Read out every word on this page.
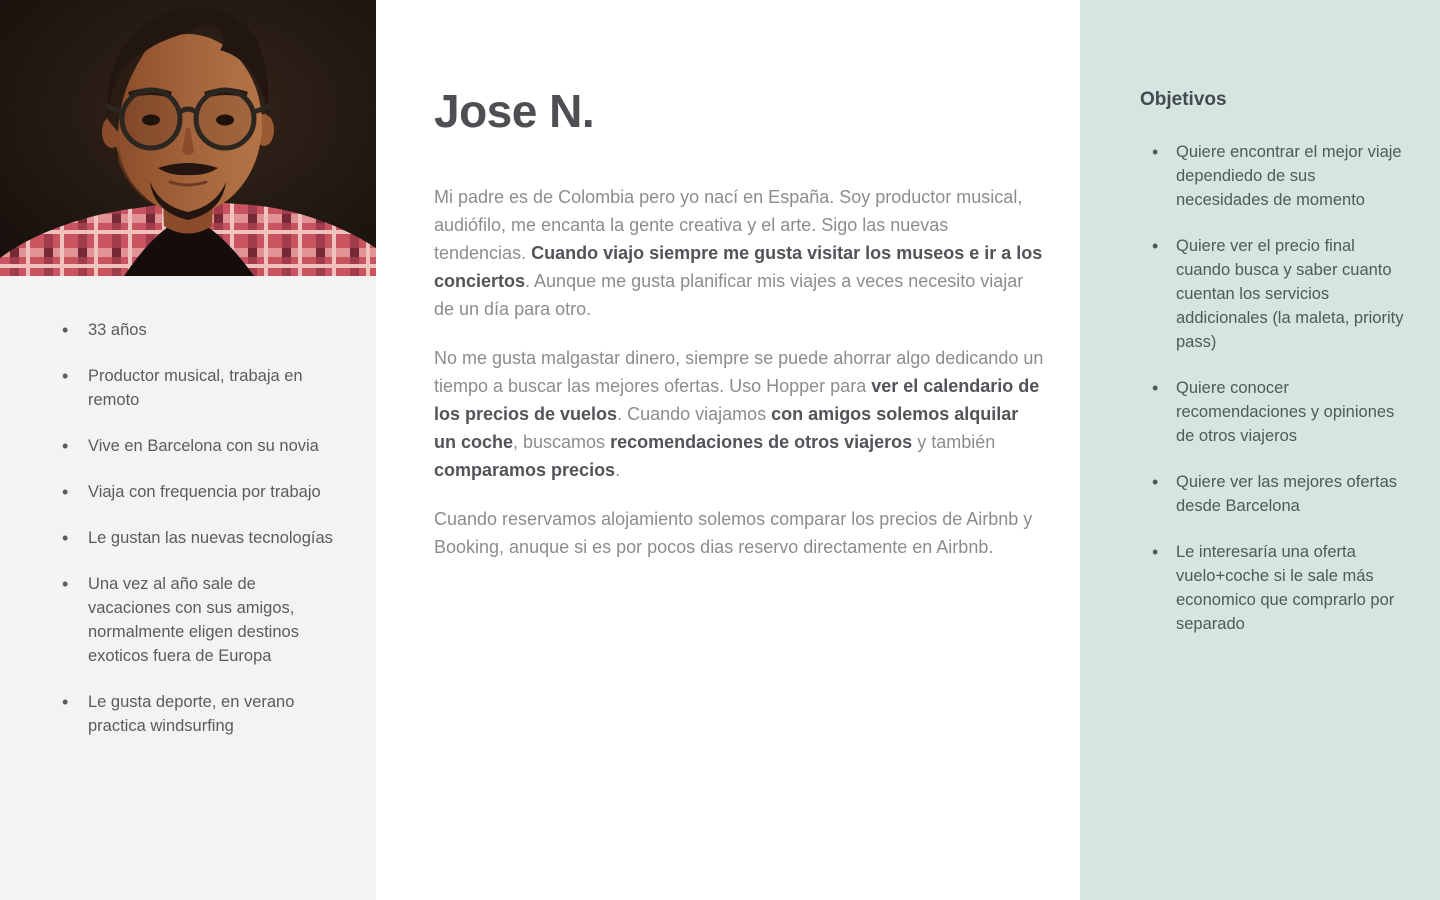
• 33 años
• Productor musical, trabaja en remoto
• Vive en Barcelona con su novia
• Viaja con frequencia por trabajo
• Le gustan las nuevas tecnologías
• Una vez al año sale de vacaciones con sus amigos, normalmente eligen destinos exoticos fuera de Europa
• Le gusta deporte, en verano practica windsurfing
Jose N.

Mi padre es de Colombia pero yo nací en España. Soy productor musical, audiófilo, me encanta la gente creativa y el arte. Sigo las nuevas tendencias. Cuando viajo siempre me gusta visitar los museos e ir a los conciertos. Aunque me gusta planificar mis viajes a veces necesito viajar de un día para otro.

No me gusta malgastar dinero, siempre se puede ahorrar algo dedicando un tiempo a buscar las mejores ofertas. Uso Hopper para ver el calendario de los precios de vuelos. Cuando viajamos con amigos solemos alquilar un coche, buscamos recomendaciones de otros viajeros y también comparamos precios.

Cuando reservamos alojamiento solemos comparar los precios de Airbnb y Booking, anuque si es por pocos dias reservo directamente en Airbnb.

Objetivos
• Quiere encontrar el mejor viaje dependiedo de sus necesidades de momento
• Quiere ver el precio final cuando busca y saber cuanto cuentan los servicios addicionales (la maleta, priority pass)
• Quiere conocer recomendaciones y opiniones de otros viajeros
• Quiere ver las mejores ofertas desde Barcelona
• Le interesaría una oferta vuelo+coche si le sale más economico que comprarlo por separado
